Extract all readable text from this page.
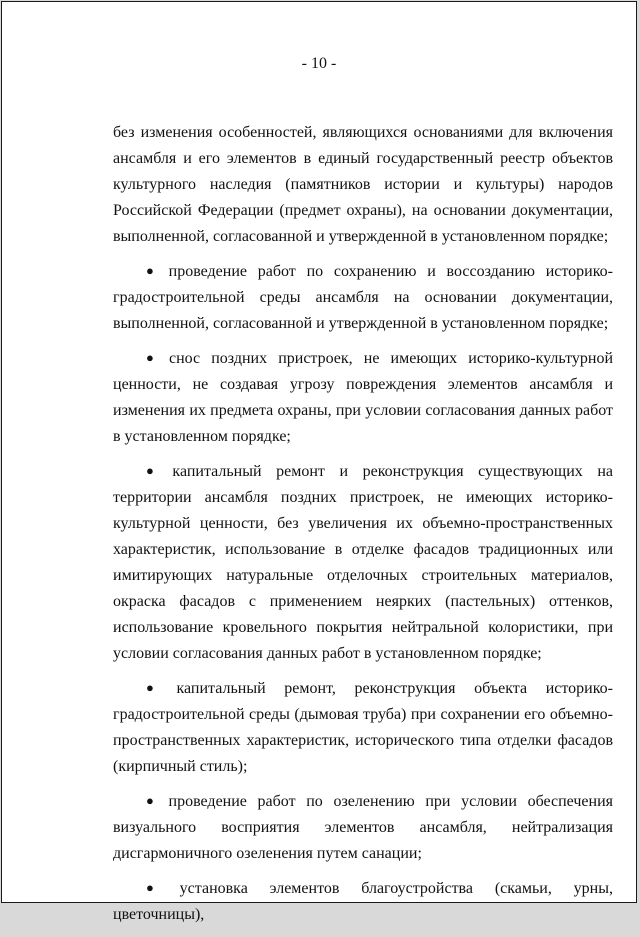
- 10 -

без изменения особенностей, являющихся основаниями для включения ансамбля и его элементов в единый государственный реестр объектов культурного наследия (памятников истории и культуры) народов Российской Федерации (предмет охраны), на основании документации, выполненной, согласованной и утвержденной в установленном порядке;

● проведение работ по сохранению и воссозданию историко-градостроительной среды ансамбля на основании документации, выполненной, согласованной и утвержденной в установленном порядке;

● снос поздних пристроек, не имеющих историко-культурной ценности, не создавая угрозу повреждения элементов ансамбля и изменения их предмета охраны, при условии согласования данных работ в установленном порядке;

● капитальный ремонт и реконструкция существующих на территории ансамбля поздних пристроек, не имеющих историко-культурной ценности, без увеличения их объемно-пространственных характеристик, использование в отделке фасадов традиционных или имитирующих натуральные отделочных строительных материалов, окраска фасадов с применением неярких (пастельных) оттенков, использование кровельного покрытия нейтральной колористики, при условии согласования данных работ в установленном порядке;

● капитальный ремонт, реконструкция объекта историко-градостроительной среды (дымовая труба) при сохранении его объемно-пространственных характеристик, исторического типа отделки фасадов (кирпичный стиль);

● проведение работ по озеленению при условии обеспечения визуального восприятия элементов ансамбля, нейтрализация дисгармоничного озеленения путем санации;

● установка элементов благоустройства (скамьи, урны, цветочницы),
